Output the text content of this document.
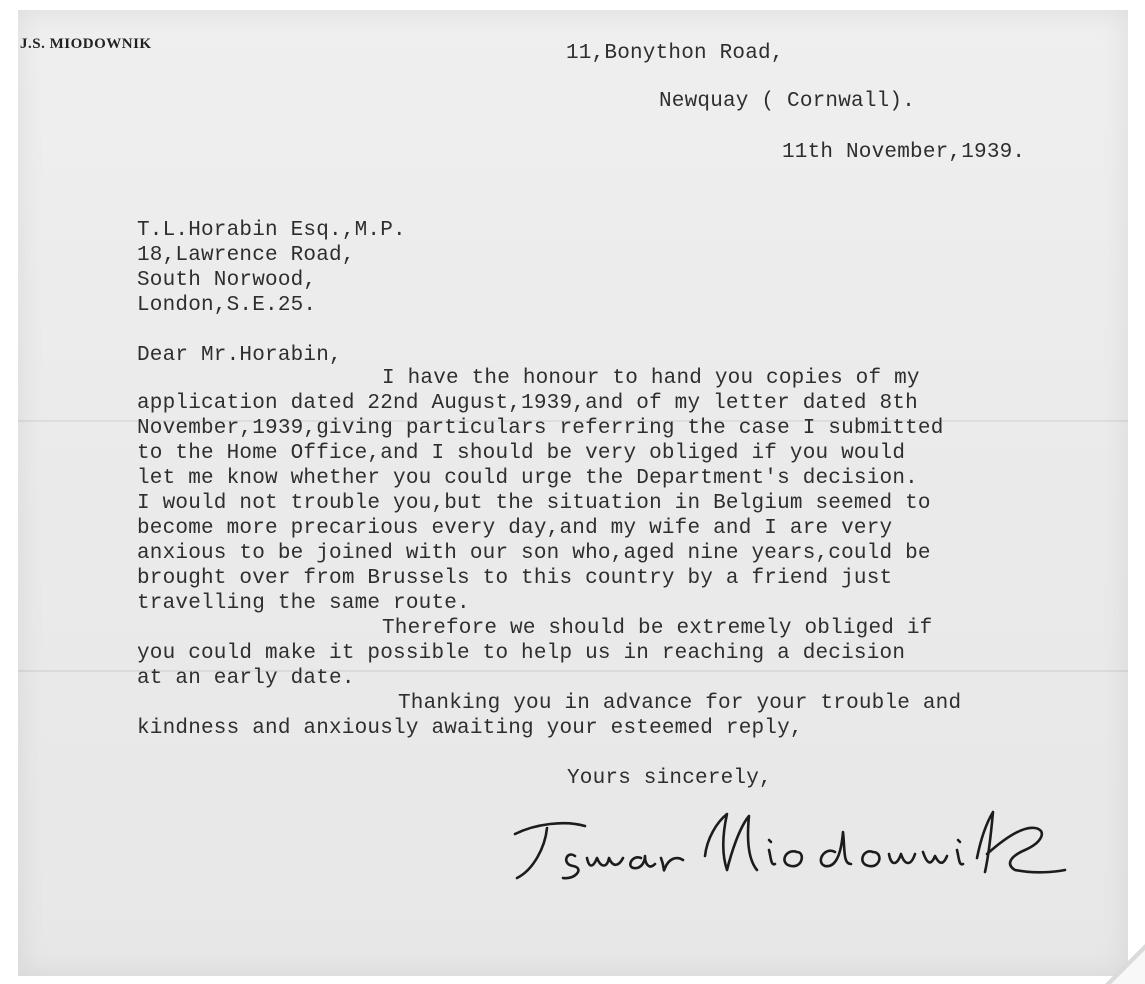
J.S. MIODOWNIK	11,Bonython Road,

Newquay ( Cornwall).

11th November,1939.

T.L.Horabin Esq.,M.P.

18,Lawrence Road,

South Norwood,

London,S.E.25.

Dear Mr.Horabin,

I have the honour to hand you copies of my

application dated 22nd August,1939,and of my letter dated 8th

November,1939,giving particulars referring the case I submitted

to the Home Office,and I should be very obliged if you would

let me know whether you could urge the Department's decision.

I would not trouble you,but the situation in Belgium seemed to

become more precarious every day,and my wife and I are very

anxious to be joined with our son who,aged nine years,could be

brought over from Brussels to this country by a friend just

travelling the same route.

Therefore we should be extremely obliged if

you could make it possible to help us in reaching a decision

at an early date.

Thanking you in advance for your trouble and

kindness and anxiously awaiting your esteemed reply,

Yours sincerely,
